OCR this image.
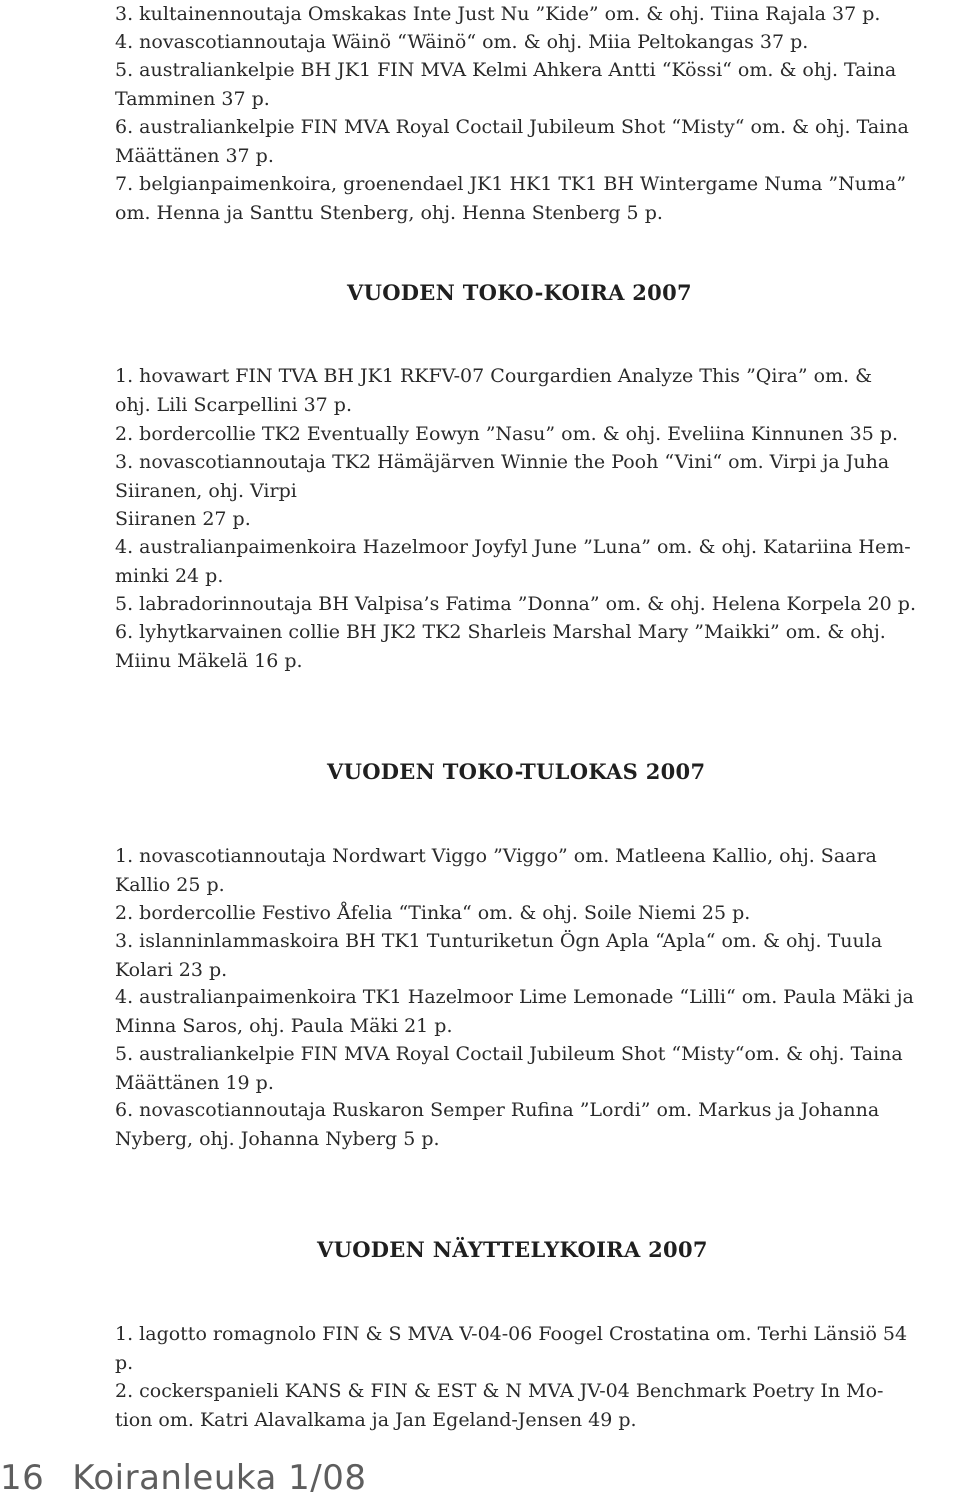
3. kultainennoutaja Omskakas Inte Just Nu ”Kide” om. & ohj. Tiina Rajala 37 p.
4. novascotiannoutaja Wäinö “Wäinö“ om. & ohj. Miia Peltokangas 37 p.
5. australiankelpie BH JK1 FIN MVA Kelmi Ahkera Antti “Kössi“ om. & ohj. Taina
Tamminen 37 p.
6. australiankelpie FIN MVA Royal Coctail Jubileum Shot “Misty“ om. & ohj. Taina
Määttänen 37 p.
7. belgianpaimenkoira, groenendael JK1 HK1 TK1 BH Wintergame Numa ”Numa”
om. Henna ja Santtu Stenberg, ohj. Henna Stenberg 5 p.
VUODEN TOKO-KOIRA 2007
1. hovawart FIN TVA BH JK1 RKFV-07 Courgardien Analyze This ”Qira” om. &
ohj. Lili Scarpellini 37 p.
2. bordercollie TK2 Eventually Eowyn ”Nasu” om. & ohj. Eveliina Kinnunen 35 p.
3. novascotiannoutaja TK2 Hämäjärven Winnie the Pooh “Vini“ om. Virpi ja Juha
Siiranen, ohj. Virpi
Siiranen 27 p.
4. australianpaimenkoira Hazelmoor Joyfyl June ”Luna” om. & ohj. Katariina Hem-
minki 24 p.
5. labradorinnoutaja BH Valpisa’s Fatima ”Donna” om. & ohj. Helena Korpela 20 p.
6. lyhytkarvainen collie BH JK2 TK2 Sharleis Marshal Mary ”Maikki” om. & ohj.
Miinu Mäkelä 16 p.
VUODEN TOKO-TULOKAS 2007
1. novascotiannoutaja Nordwart Viggo ”Viggo” om. Matleena Kallio, ohj. Saara
Kallio 25 p.
2. bordercollie Festivo Åfelia “Tinka“ om. & ohj. Soile Niemi 25 p.
3. islanninlammaskoira BH TK1 Tunturiketun Ögn Apla “Apla“ om. & ohj. Tuula
Kolari 23 p.
4. australianpaimenkoira TK1 Hazelmoor Lime Lemonade “Lilli“ om. Paula Mäki ja
Minna Saros, ohj. Paula Mäki 21 p.
5. australiankelpie FIN MVA Royal Coctail Jubileum Shot “Misty“om. & ohj. Taina
Määttänen 19 p.
6. novascotiannoutaja Ruskaron Semper Rufina ”Lordi” om. Markus ja Johanna
Nyberg, ohj. Johanna Nyberg 5 p.
VUODEN NÄYTTELYKOIRA 2007
1. lagotto romagnolo FIN & S MVA V-04-06 Foogel Crostatina om. Terhi Länsiö 54
p.
2. cockerspanieli KANS & FIN & EST & N MVA JV-04 Benchmark Poetry In Mo-
tion om. Katri Alavalkama ja Jan Egeland-Jensen 49 p.
16 Koiranleuka 1/08
